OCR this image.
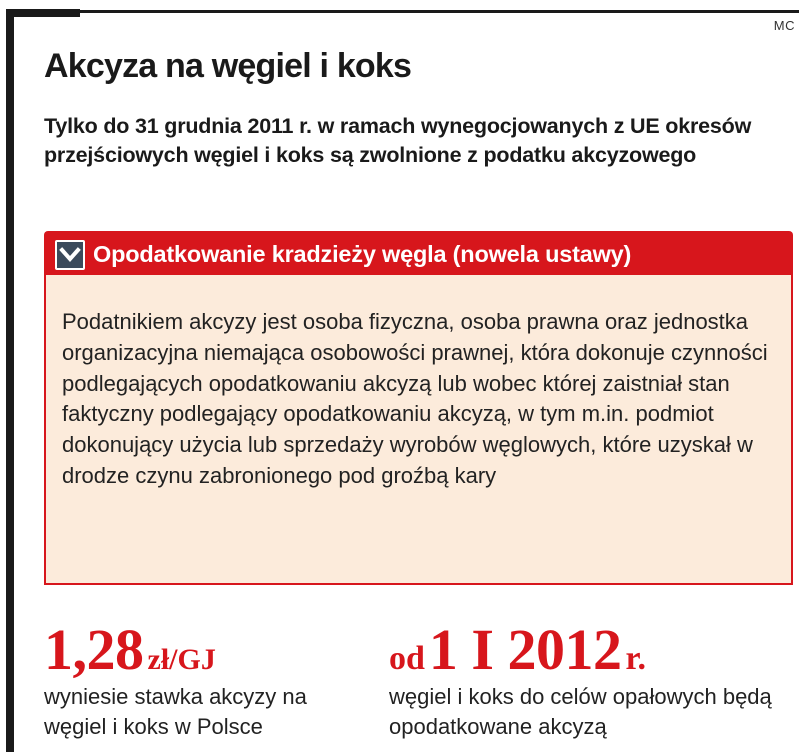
MC
Akcyza na węgiel i koks

Tylko do 31 grudnia 2011 r. w ramach wynegocjowanych z UE okresów przejściowych węgiel i koks są zwolnione z podatku akcyzowego

Opodatkowanie kradzieży węgla (nowela ustawy)

Podatnikiem akcyzy jest osoba fizyczna, osoba prawna oraz jednostka organizacyjna niemająca osobowości prawnej, która dokonuje czynności podlegających opodatkowaniu akcyzą lub wobec której zaistniał stan faktyczny podlegający opodatkowaniu akcyzą, w tym m.in. podmiot dokonujący użycia lub sprzedaży wyrobów węglowych, które uzyskał w drodze czynu zabronionego pod groźbą kary

1,28 zł/GJ

wyniesie stawka akcyzy na węgiel i koks w Polsce

od 1 I 2012 r.

węgiel i koks do celów opałowych będą opodatkowane akcyzą
